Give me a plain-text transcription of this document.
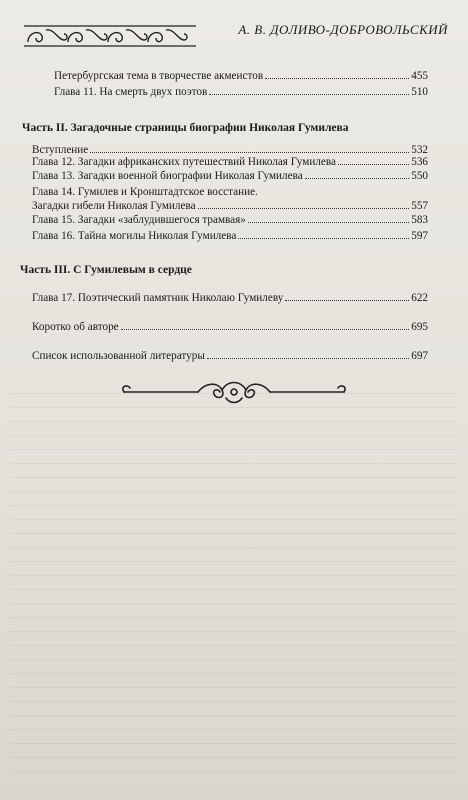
А. В. ДОЛИВО-ДОБРОВОЛЬСКИЙ
Петербургская тема в творчестве акмеистов	455
Глава 11. На смерть двух поэтов	510
Часть II. Загадочные страницы биографии Николая Гумилева
Вступление	532
Глава 12. Загадки африканских путешествий Николая Гумилева	536
Глава 13. Загадки военной биографии Николая Гумилева	550
Глава 14. Гумилев и Кронштадтское восстание.
Загадки гибели Николая Гумилева	557
Глава 15. Загадки «заблудившегося трамвая»	583
Глава 16. Тайна могилы Николая Гумилева	597
Часть III. С Гумилевым в сердце
Глава 17. Поэтический памятник Николаю Гумилеву	622
Коротко об авторе	695
Список использованной литературы	697
